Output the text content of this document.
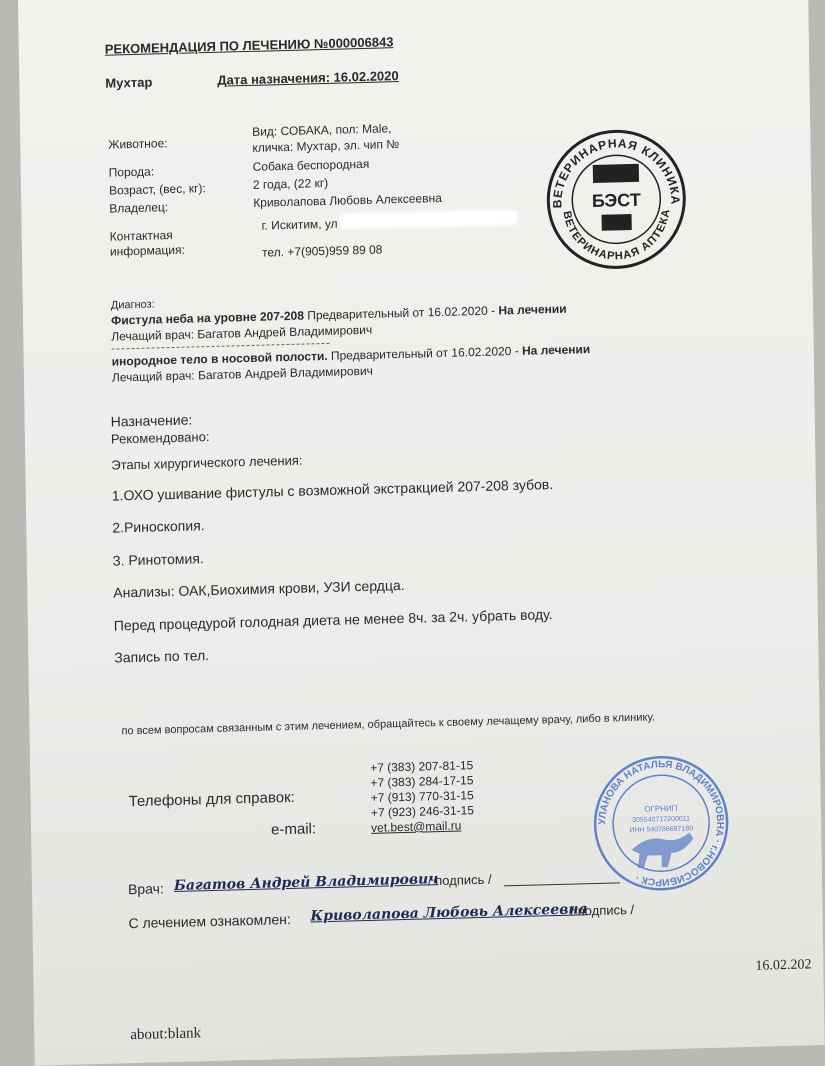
РЕКОМЕНДАЦИЯ ПО ЛЕЧЕНИЮ №000006843
Мухтар	Дата назначения: 16.02.2020
Животное:
Вид: СОБАКА, пол: Male,
кличка: Мухтар, эл. чип №
Порода:	Собака беспородная
Возраст, (вес, кг):	2 года, (22 кг)
Владелец:	Криволапова Любовь Алексеевна
Контактная
информация:
г. Искитим, ул
тел. +7(905)959 89 08
ВЕТЕРИНАРНАЯ КЛИНИКА
ВЕТЕРИНАРНАЯ АПТЕКА
БЭСТ
Диагноз:
Фистула неба на уровне 207-208 Предварительный от 16.02.2020 - На лечении
Лечащий врач: Багатов Андрей Владимирович
инородное тело в носовой полости. Предварительный от 16.02.2020 - На лечении
Лечащий врач: Багатов Андрей Владимирович
Назначение:
Рекомендовано:
Этапы хирургического лечения:
1.ОХО ушивание фистулы с возможной экстракцией 207-208 зубов.
2.Риноскопия.
3. Ринотомия.
Анализы: ОАК,Биохимия крови, УЗИ сердца.
Перед процедурой голодная диета не менее 8ч. за 2ч. убрать воду.
Запись по тел.
по всем вопросам связанным с этим лечением, обращайтесь к своему лечащему врачу, либо в клинику.
Телефоны для справок:
+7 (383) 207-81-15
+7 (383) 284-17-15
+7 (913) 770-31-15
+7 (923) 246-31-15
e-mail:	vet.best@mail.ru
Врач: Багатов Андрей Владимирович
/ подпись /
С лечением ознакомлен: Криволапова Любовь Алексеевна
/ подпись /
УЛАНОВА НАТАЛЬЯ ВЛАДИМИРОВНА · г.НОВОСИБИРСК ·
ОГРНИП
305540717200011
ИНН 540786687180
16.02.202
about:blank
